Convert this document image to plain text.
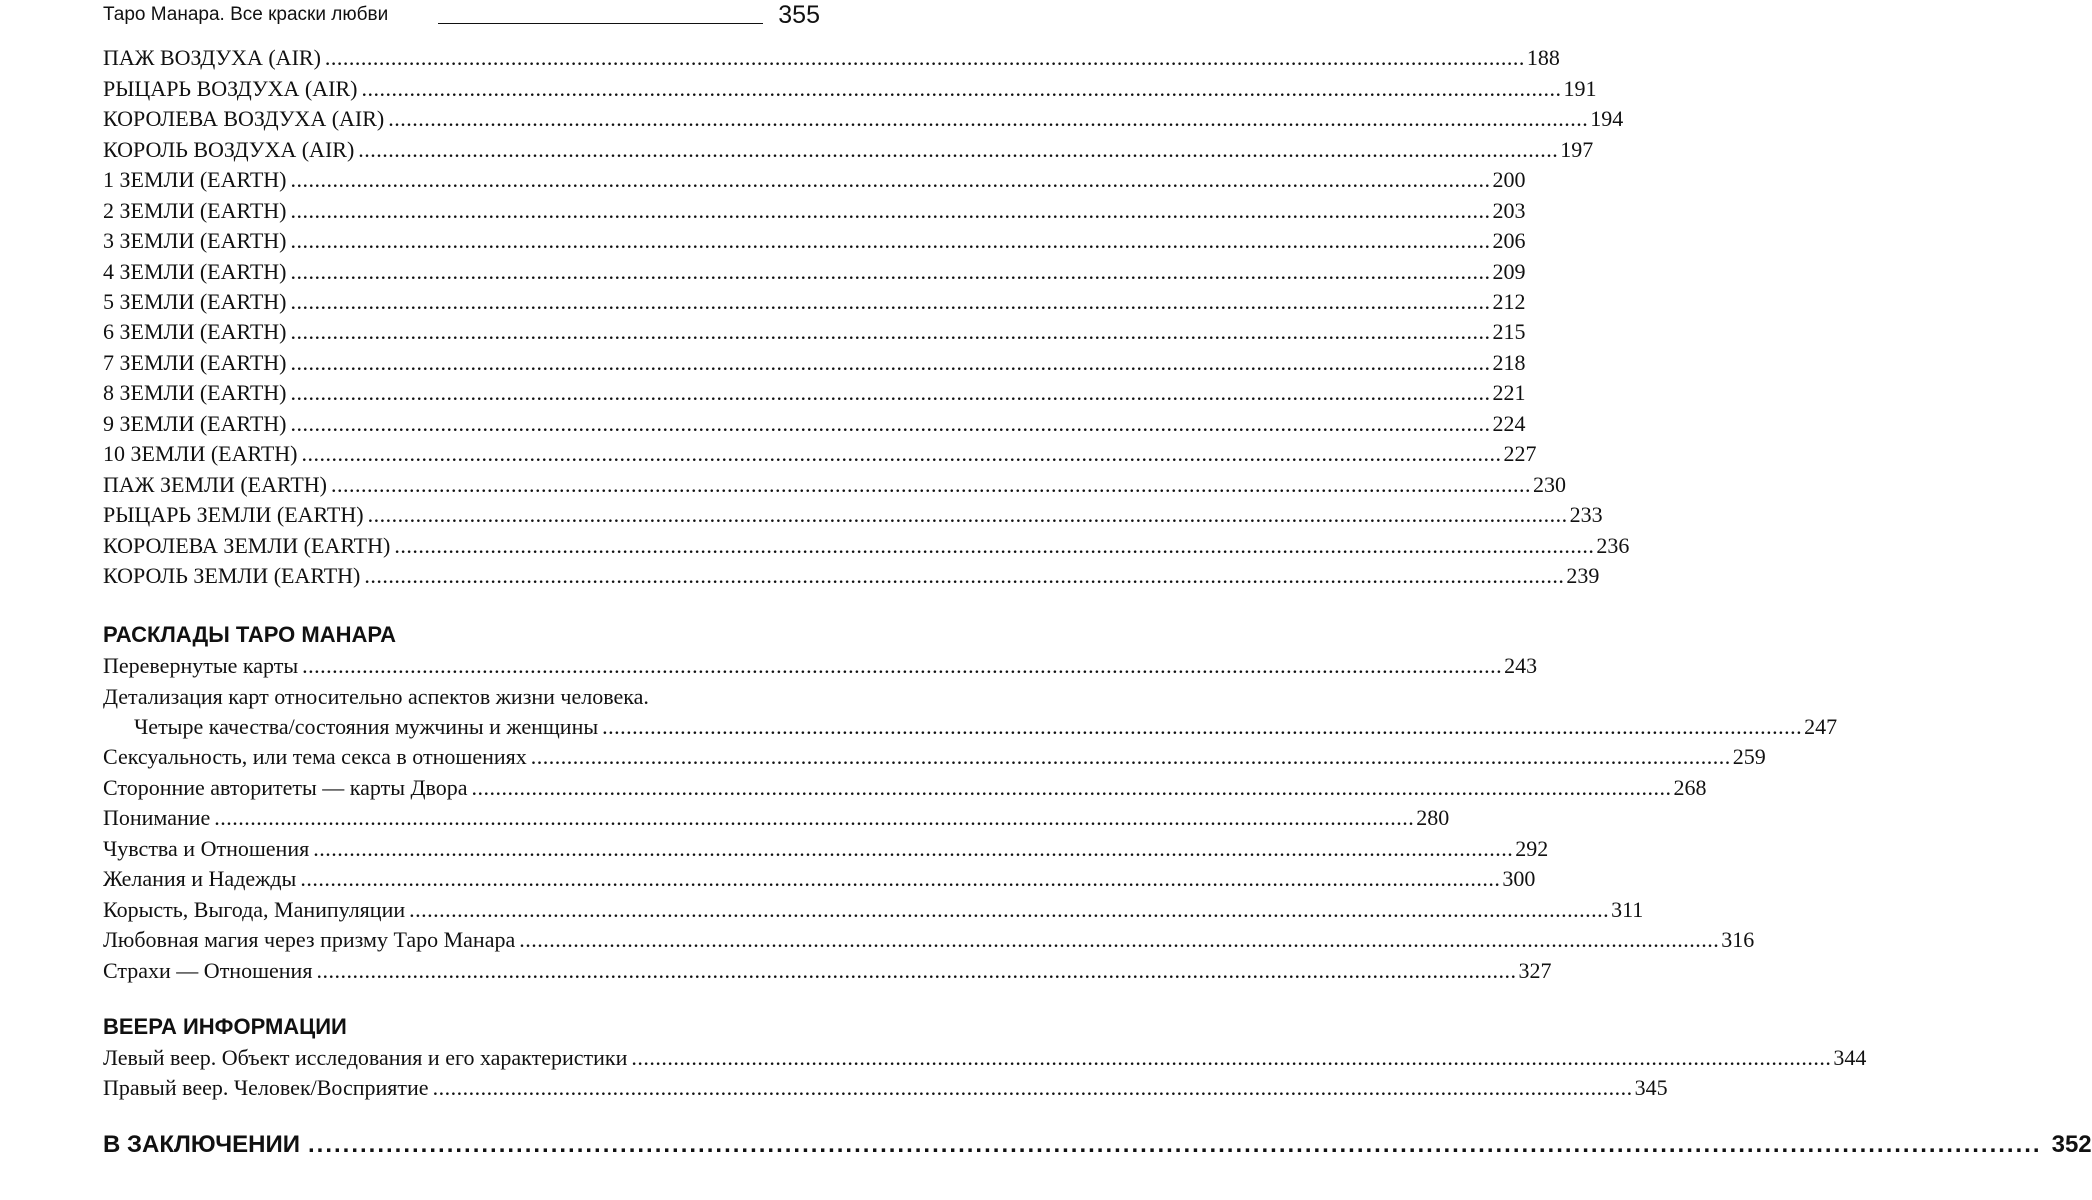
Таро Манара. Все краски любви	355
ПАЖ ВОЗДУХА (AIR) ........................................................................................................................................................................................................ 188
РЫЦАРЬ ВОЗДУХА (AIR) ........................................................................................................................................................................................................ 191
КОРОЛЕВА ВОЗДУХА (AIR) ........................................................................................................................................................................................................ 194
КОРОЛЬ ВОЗДУХА (AIR) ........................................................................................................................................................................................................ 197
1 ЗЕМЛИ (EARTH) ........................................................................................................................................................................................................ 200
2 ЗЕМЛИ (EARTH) ........................................................................................................................................................................................................ 203
3 ЗЕМЛИ (EARTH) ........................................................................................................................................................................................................ 206
4 ЗЕМЛИ (EARTH) ........................................................................................................................................................................................................ 209
5 ЗЕМЛИ (EARTH) ........................................................................................................................................................................................................ 212
6 ЗЕМЛИ (EARTH) ........................................................................................................................................................................................................ 215
7 ЗЕМЛИ (EARTH) ........................................................................................................................................................................................................ 218
8 ЗЕМЛИ (EARTH) ........................................................................................................................................................................................................ 221
9 ЗЕМЛИ (EARTH) ........................................................................................................................................................................................................ 224
10 ЗЕМЛИ (EARTH) ........................................................................................................................................................................................................ 227
ПАЖ ЗЕМЛИ (EARTH) ........................................................................................................................................................................................................ 230
РЫЦАРЬ ЗЕМЛИ (EARTH) ........................................................................................................................................................................................................ 233
КОРОЛЕВА ЗЕМЛИ (EARTH) ........................................................................................................................................................................................................ 236
КОРОЛЬ ЗЕМЛИ (EARTH) ........................................................................................................................................................................................................ 239
РАСКЛАДЫ ТАРО МАНАРА
Перевернутые карты ........................................................................................................................................................................................................ 243
Детализация карт относительно аспектов жизни человека.
Четыре качества/состояния мужчины и женщины ........................................................................................................................................................................................................ 247
Сексуальность, или тема секса в отношениях ........................................................................................................................................................................................................ 259
Сторонние авторитеты — карты Двора ........................................................................................................................................................................................................ 268
Понимание ........................................................................................................................................................................................................ 280
Чувства и Отношения ........................................................................................................................................................................................................ 292
Желания и Надежды ........................................................................................................................................................................................................ 300
Корысть, Выгода, Манипуляции ........................................................................................................................................................................................................ 311
Любовная магия через призму Таро Манара ........................................................................................................................................................................................................ 316
Страхи — Отношения ........................................................................................................................................................................................................ 327
ВЕЕРА ИНФОРМАЦИИ
Левый веер. Объект исследования и его характеристики ........................................................................................................................................................................................................ 344
Правый веер. Человек/Восприятие ........................................................................................................................................................................................................ 345
В ЗАКЛЮЧЕНИИ ........................................................................................................................................................................................................ 352
